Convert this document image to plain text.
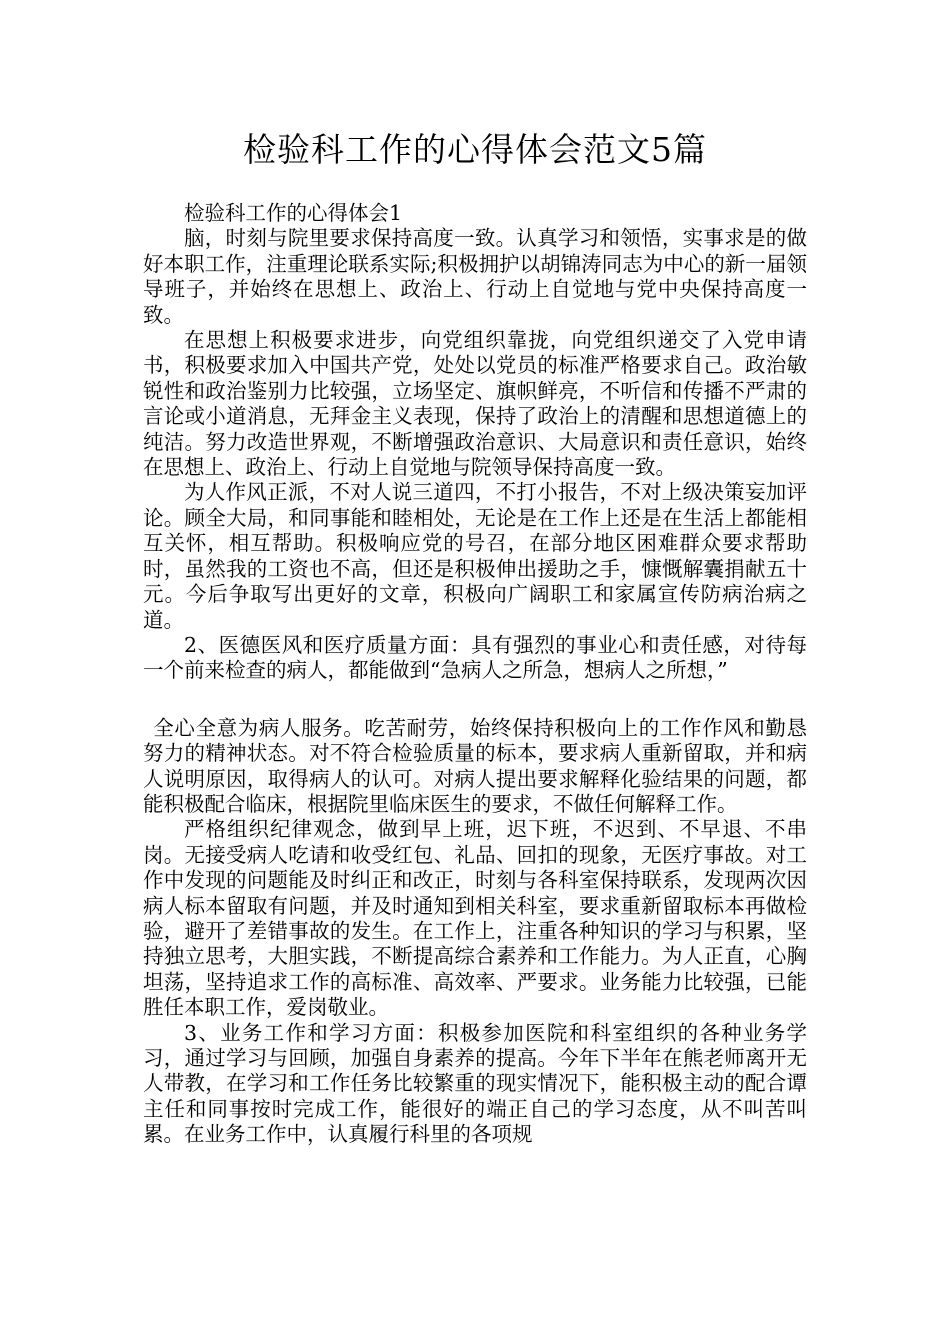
检验科工作的心得体会范文5篇

检验科工作的心得体会1

脑，时刻与院里要求保持高度一致。认真学习和领悟，实事求是的做好本职工作，注重理论联系实际;积极拥护以胡锦涛同志为中心的新一届领导班子，并始终在思想上、政治上、行动上自觉地与党中央保持高度一致。

在思想上积极要求进步，向党组织靠拢，向党组织递交了入党申请书，积极要求加入中国共产党，处处以党员的标准严格要求自己。政治敏锐性和政治鉴别力比较强，立场坚定、旗帜鲜亮，不听信和传播不严肃的言论或小道消息，无拜金主义表现，保持了政治上的清醒和思想道德上的纯洁。努力改造世界观，不断增强政治意识、大局意识和责任意识，始终在思想上、政治上、行动上自觉地与院领导保持高度一致。

为人作风正派，不对人说三道四，不打小报告，不对上级决策妄加评论。顾全大局，和同事能和睦相处，无论是在工作上还是在生活上都能相互关怀，相互帮助。积极响应党的号召，在部分地区困难群众要求帮助时，虽然我的工资也不高，但还是积极伸出援助之手，慷慨解囊捐献五十元。今后争取写出更好的文章，积极向广阔职工和家属宣传防病治病之道。

2、医德医风和医疗质量方面：具有强烈的事业心和责任感，对待每一个前来检查的病人，都能做到“急病人之所急，想病人之所想，”

全心全意为病人服务。吃苦耐劳，始终保持积极向上的工作作风和勤恳努力的精神状态。对不符合检验质量的标本，要求病人重新留取，并和病人说明原因，取得病人的认可。对病人提出要求解释化验结果的问题，都能积极配合临床，根据院里临床医生的要求，不做任何解释工作。

严格组织纪律观念，做到早上班，迟下班，不迟到、不早退、不串岗。无接受病人吃请和收受红包、礼品、回扣的现象，无医疗事故。对工作中发现的问题能及时纠正和改正，时刻与各科室保持联系，发现两次因病人标本留取有问题，并及时通知到相关科室，要求重新留取标本再做检验，避开了差错事故的发生。在工作上，注重各种知识的学习与积累，坚持独立思考，大胆实践，不断提高综合素养和工作能力。为人正直，心胸坦荡，坚持追求工作的高标准、高效率、严要求。业务能力比较强，已能胜任本职工作，爱岗敬业。

3、业务工作和学习方面：积极参加医院和科室组织的各种业务学习，通过学习与回顾，加强自身素养的提高。今年下半年在熊老师离开无人带教，在学习和工作任务比较繁重的现实情况下，能积极主动的配合谭主任和同事按时完成工作，能很好的端正自己的学习态度，从不叫苦叫累。在业务工作中，认真履行科里的各项规
